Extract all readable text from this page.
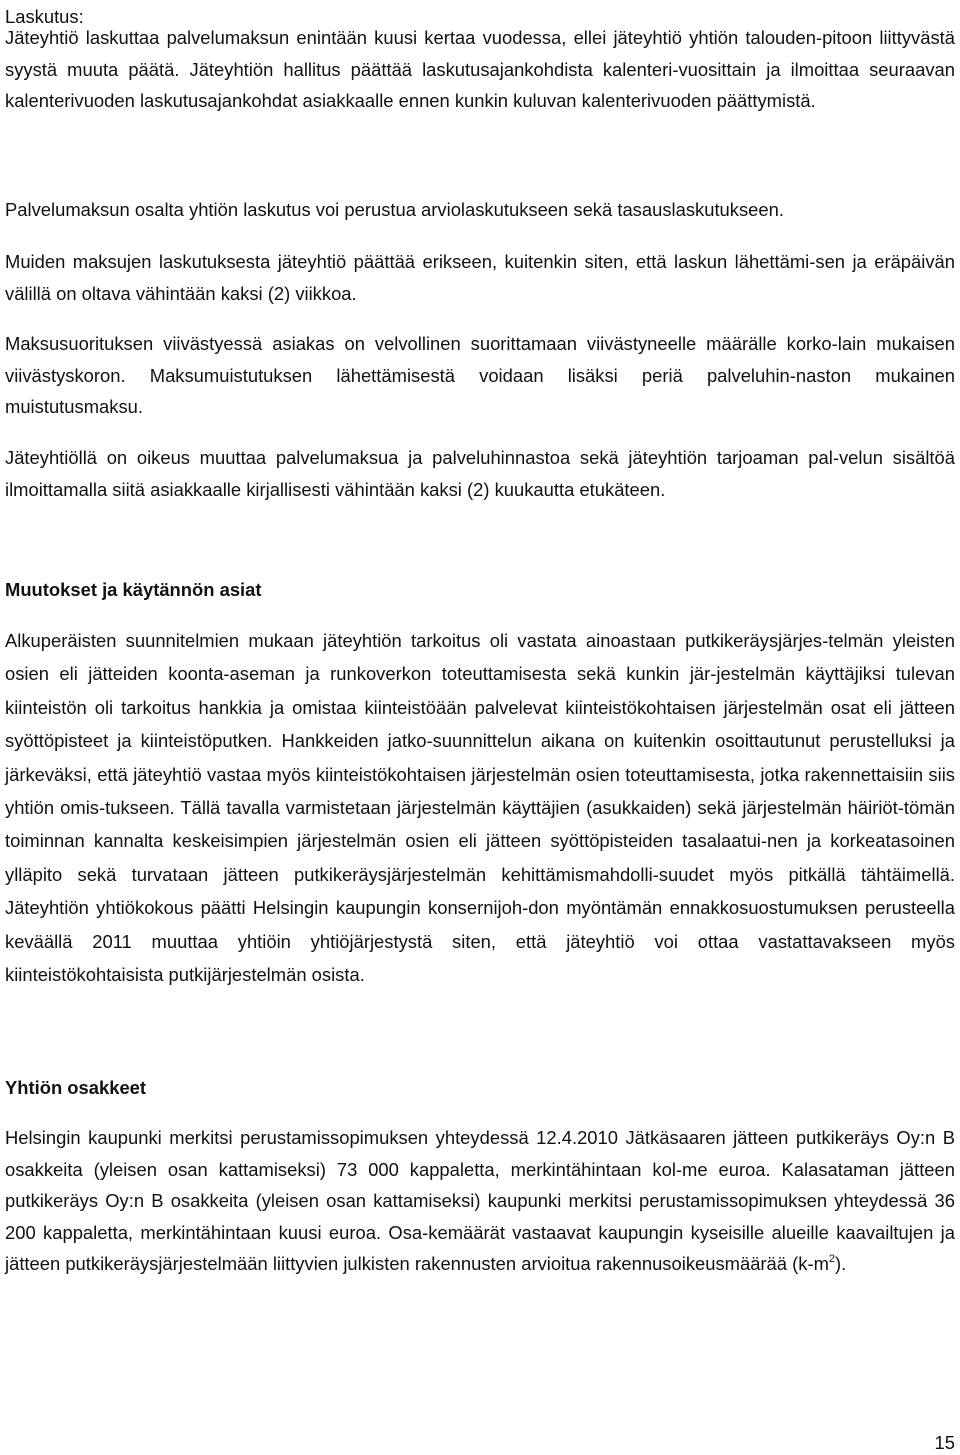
Laskutus:

Jäteyhtiö laskuttaa palvelumaksun enintään kuusi kertaa vuodessa, ellei jäteyhtiö yhtiön talouden-pitoon liittyvästä syystä muuta päätä. Jäteyhtiön hallitus päättää laskutusajankohdista kalenteri-vuosittain ja ilmoittaa seuraavan kalenterivuoden laskutusajankohdat asiakkaalle ennen kunkin kuluvan kalenterivuoden päättymistä.

Palvelumaksun osalta yhtiön laskutus voi perustua arviolaskutukseen sekä tasauslaskutukseen.

Muiden maksujen laskutuksesta jäteyhtiö päättää erikseen, kuitenkin siten, että laskun lähettämi-sen ja eräpäivän välillä on oltava vähintään kaksi (2) viikkoa.

Maksusuorituksen viivästyessä asiakas on velvollinen suorittamaan viivästyneelle määrälle korko-lain mukaisen viivästyskoron. Maksumuistutuksen lähettämisestä voidaan lisäksi periä palveluhin-naston mukainen muistutusmaksu.

Jäteyhtiöllä on oikeus muuttaa palvelumaksua ja palveluhinnastoa sekä jäteyhtiön tarjoaman pal-velun sisältöä ilmoittamalla siitä asiakkaalle kirjallisesti vähintään kaksi (2) kuukautta etukäteen.

Muutokset ja käytännön asiat

Alkuperäisten suunnitelmien mukaan jäteyhtiön tarkoitus oli vastata ainoastaan putkikeräysjärjes-telmän yleisten osien eli jätteiden koonta-aseman ja runkoverkon toteuttamisesta sekä kunkin jär-jestelmän käyttäjiksi tulevan kiinteistön oli tarkoitus hankkia ja omistaa kiinteistöään palvelevat kiinteistökohtaisen järjestelmän osat eli jätteen syöttöpisteet ja kiinteistöputken. Hankkeiden jatko-suunnittelun aikana on kuitenkin osoittautunut perustelluksi ja järkeväksi, että jäteyhtiö vastaa myös kiinteistökohtaisen järjestelmän osien toteuttamisesta, jotka rakennettaisiin siis yhtiön omis-tukseen. Tällä tavalla varmistetaan järjestelmän käyttäjien (asukkaiden) sekä järjestelmän häiriöt-tömän toiminnan kannalta keskeisimpien järjestelmän osien eli jätteen syöttöpisteiden tasalaatui-nen ja korkeatasoinen ylläpito sekä turvataan jätteen putkikeräysjärjestelmän kehittämismahdolli-suudet myös pitkällä tähtäimellä. Jäteyhtiön yhtiökokous päätti Helsingin kaupungin konsernijoh-don myöntämän ennakkosuostumuksen perusteella keväällä 2011 muuttaa yhtiöin yhtiöjärjestystä siten, että jäteyhtiö voi ottaa vastattavakseen myös kiinteistökohtaisista putkijärjestelmän osista.

Yhtiön osakkeet

Helsingin kaupunki merkitsi perustamissopimuksen yhteydessä 12.4.2010 Jätkäsaaren jätteen putkikeräys Oy:n B osakkeita (yleisen osan kattamiseksi) 73 000 kappaletta, merkintähintaan kol-me euroa. Kalasataman jätteen putkikeräys Oy:n B osakkeita (yleisen osan kattamiseksi) kaupunki merkitsi perustamissopimuksen yhteydessä 36 200 kappaletta, merkintähintaan kuusi euroa. Osa-kemäärät vastaavat kaupungin kyseisille alueille kaavailtujen ja jätteen putkikeräysjärjestelmään liittyvien julkisten rakennusten arvioitua rakennusoikeusmäärää $(k-m^2)$.

15
